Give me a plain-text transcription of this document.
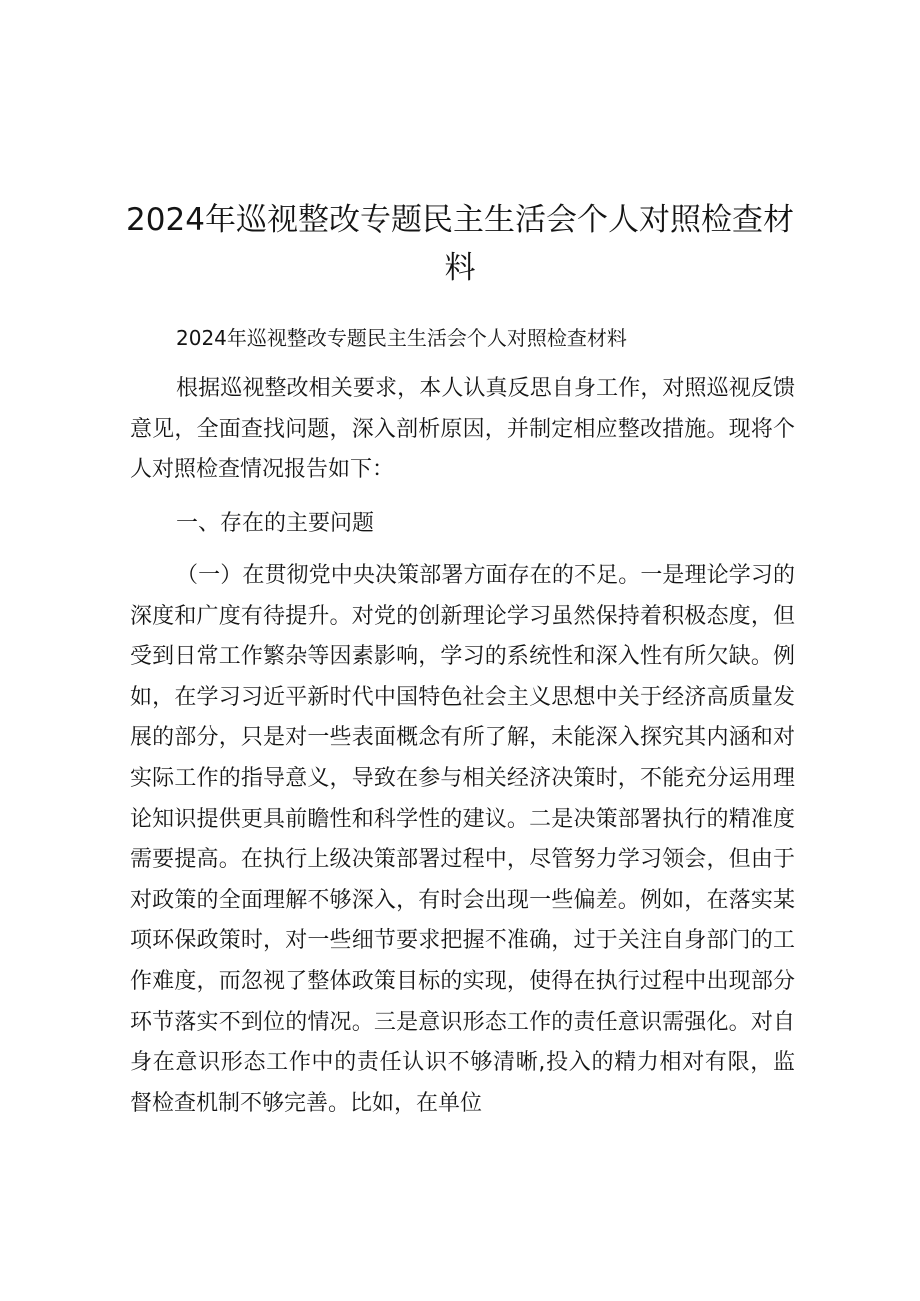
2024年巡视整改专题民主生活会个人对照检查材料

2024年巡视整改专题民主生活会个人对照检查材料

根据巡视整改相关要求，本人认真反思自身工作，对照巡视反馈意见，全面查找问题，深入剖析原因，并制定相应整改措施。现将个人对照检查情况报告如下：

一、存在的主要问题

（一）在贯彻党中央决策部署方面存在的不足。一是理论学习的深度和广度有待提升。对党的创新理论学习虽然保持着积极态度，但受到日常工作繁杂等因素影响，学习的系统性和深入性有所欠缺。例如，在学习习近平新时代中国特色社会主义思想中关于经济高质量发展的部分，只是对一些表面概念有所了解，未能深入探究其内涵和对实际工作的指导意义，导致在参与相关经济决策时，不能充分运用理论知识提供更具前瞻性和科学性的建议。二是决策部署执行的精准度需要提高。在执行上级决策部署过程中，尽管努力学习领会，但由于对政策的全面理解不够深入，有时会出现一些偏差。例如，在落实某项环保政策时，对一些细节要求把握不准确，过于关注自身部门的工作难度，而忽视了整体政策目标的实现，使得在执行过程中出现部分环节落实不到位的情况。三是意识形态工作的责任意识需强化。对自身在意识形态工作中的责任认识不够清晰,投入的精力相对有限，监督检查机制不够完善。比如，在单位
